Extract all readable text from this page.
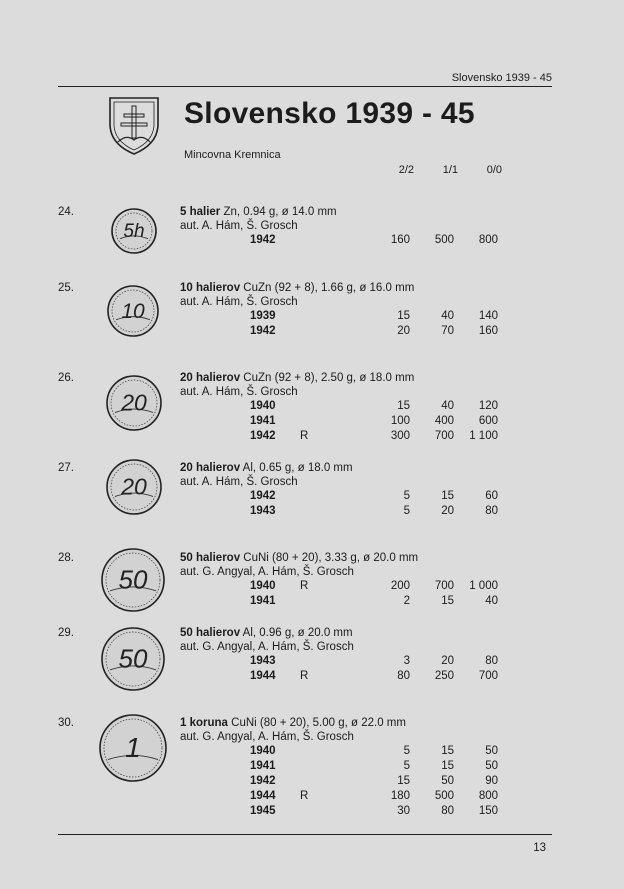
Slovensko 1939 - 45
Slovensko 1939 - 45
Mincovna Kremnica
2/2	1/1	0/0
24.
5h
5 halier Zn, 0.94 g, ø 14.0 mm
aut. A. Hám, Š. Grosch
1942	160	500	800
25.
10
10 halierov CuZn (92 + 8), 1.66 g, ø 16.0 mm
aut. A. Hám, Š. Grosch
1939	15	40	140
1942	20	70	160
26.
20
20 halierov CuZn (92 + 8), 2.50 g, ø 18.0 mm
aut. A. Hám, Š. Grosch
1940	15	40	120
1941	100	400	600
1942 R	300	700	1 100
27.
20
20 halierov Al, 0.65 g, ø 18.0 mm
aut. A. Hám, Š. Grosch
1942	5	15	60
1943	5	20	80
28.
50
50 halierov CuNi (80 + 20), 3.33 g, ø 20.0 mm
aut. G. Angyal, A. Hám, Š. Grosch
1940 R	200	700	1 000
1941	2	15	40
29.
50
50 halierov Al, 0.96 g, ø 20.0 mm
aut. G. Angyal, A. Hám, Š. Grosch
1943	3	20	80
1944 R	80	250	700
30.
1
1 koruna CuNi (80 + 20), 5.00 g, ø 22.0 mm
aut. G. Angyal, A. Hám, Š. Grosch
1940	5	15	50
1941	5	15	50
1942	15	50	90
1944 R	180	500	800
1945	30	80	150
13
